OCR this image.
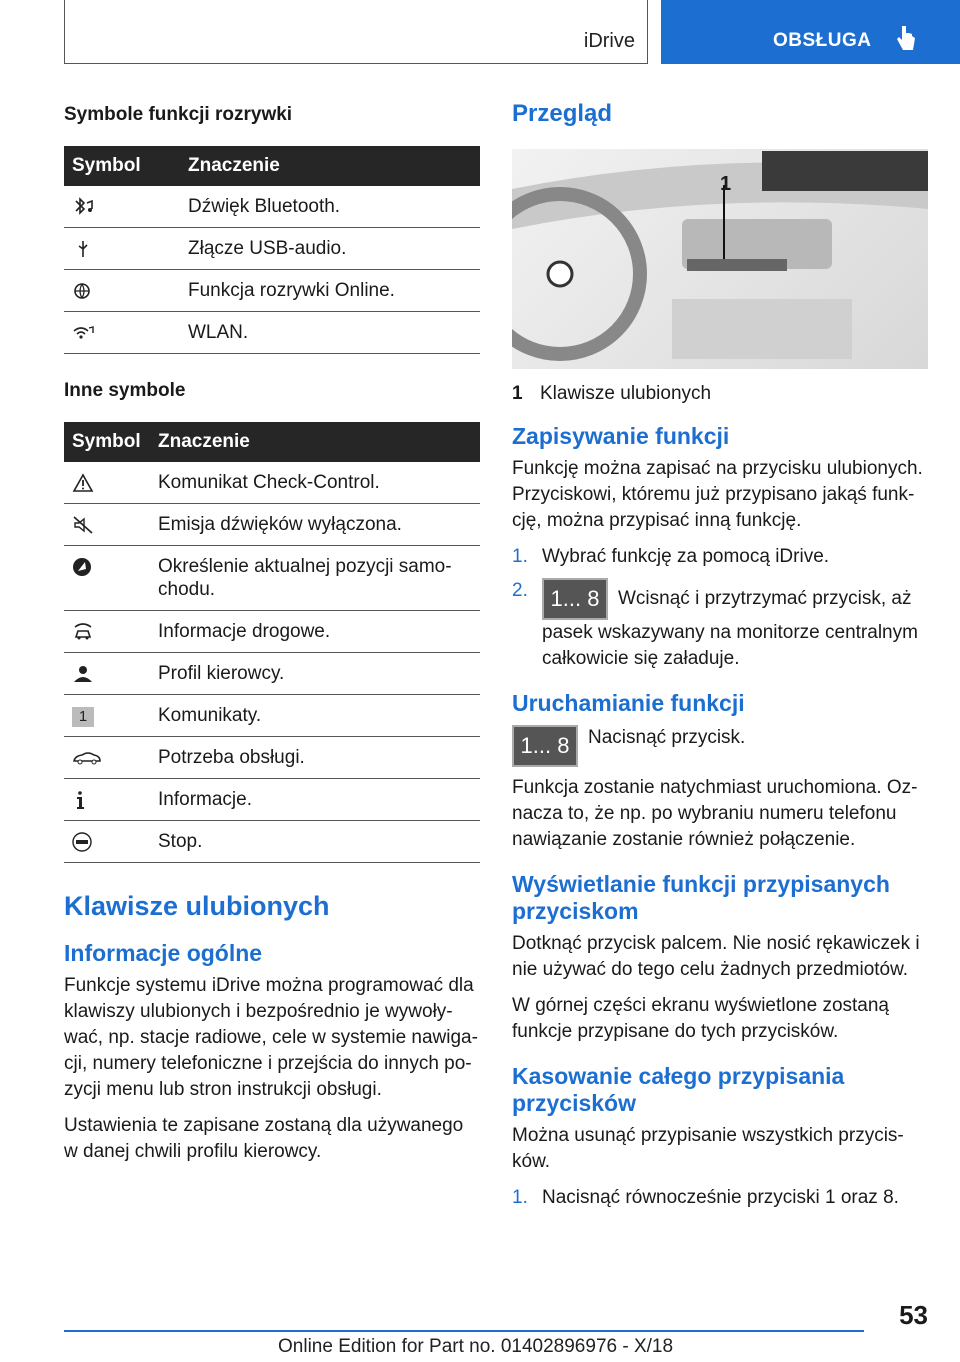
iDrive	OBSŁUGA
Symbole funkcji rozrywki
Symbol	Znaczenie
	Dźwięk Bluetooth.
	Złącze USB-audio.
	Funkcja rozrywki Online.
	WLAN.
Inne symbole
Symbol	Znaczenie
	Komunikat Check-Control.
	Emisja dźwięków wyłączona.
	Określenie aktualnej pozycji samo-chodu.
	Informacje drogowe.
	Profil kierowcy.
1	Komunikaty.
	Potrzeba obsługi.
	Informacje.
	Stop.
Klawisze ulubionych
Informacje ogólne

Funkcje systemu iDrive można programować dla klawiszy ulubionych i bezpośrednio je wywoły-wać, np. stacje radiowe, cele w systemie nawiga-cji, numery telefoniczne i przejścia do innych po-zycji menu lub stron instrukcji obsługi.

Ustawienia te zapisane zostaną dla używanego w danej chwili profilu kierowcy.

Przegląd
1
1 Klawisze ulubionych
Zapisywanie funkcji

Funkcję można zapisać na przycisku ulubionych. Przyciskowi, któremu już przypisano jakąś funk-cję, można przypisać inną funkcję.

1. Wybrać funkcję za pomocą iDrive.
2.	1... 8 Wcisnąć i przytrzymać przycisk, aż pasek wskazywany na monitorze centralnym całkowicie się załaduje.
Uruchamianie funkcji
1... 8 Nacisnąć przycisk.

Funkcja zostanie natychmiast uruchomiona. Oz-nacza to, że np. po wybraniu numeru telefonu nawiązanie zostanie również połączenie.

Wyświetlanie funkcji przypisanych przyciskom

Dotknąć przycisk palcem. Nie nosić rękawiczek i nie używać do tego celu żadnych przedmiotów.

W górnej części ekranu wyświetlone zostaną funkcje przypisane do tych przycisków.

Kasowanie całego przypisania przycisków

Można usunąć przypisanie wszystkich przycis-ków.

1. Nacisnąć równocześnie przyciski 1 oraz 8.
53
Online Edition for Part no. 01402896976 - X/18
